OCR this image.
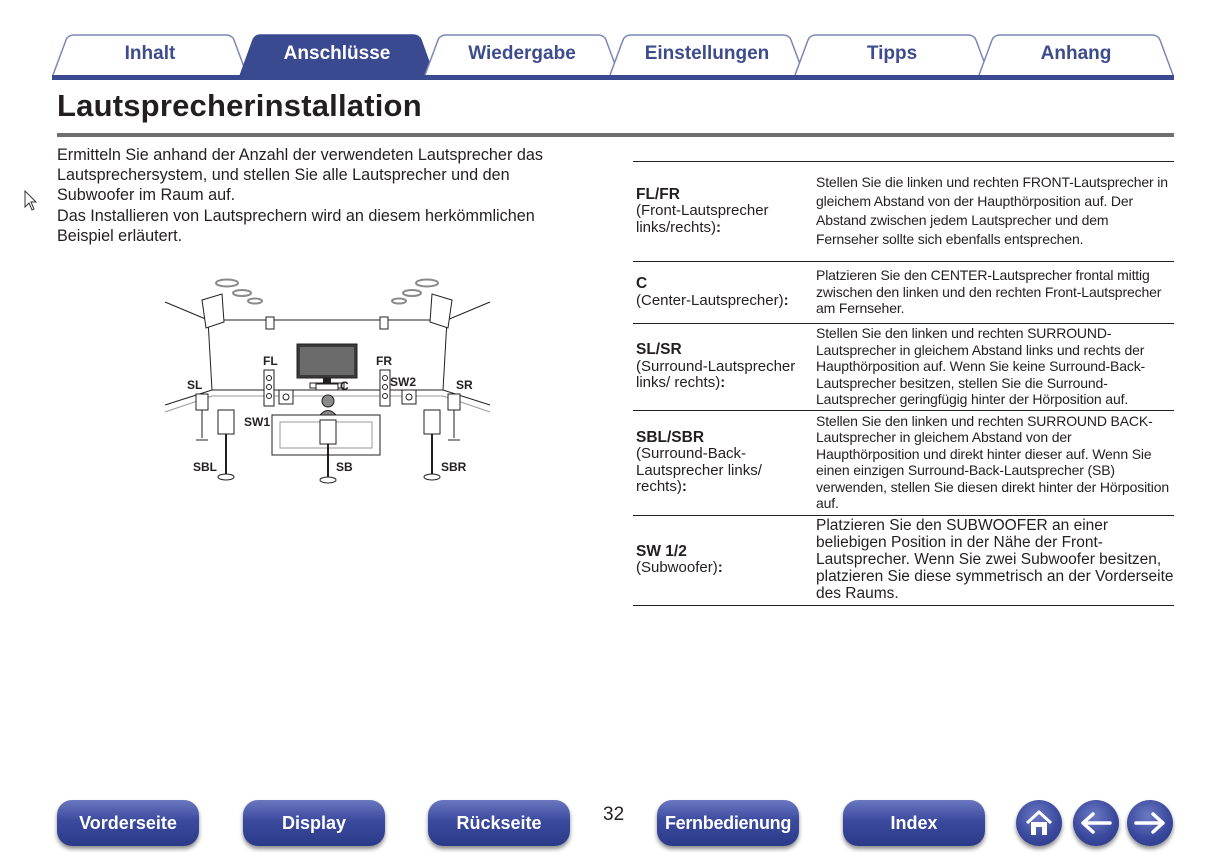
Inhalt	Anschlüsse	Wiedergabe	Einstellungen	Tipps	Anhang
Lautsprecherinstallation

Ermitteln Sie anhand der Anzahl der verwendeten Lautsprecher das Lautsprechersystem, und stellen Sie alle Lautsprecher und den Subwoofer im Raum auf.

Das Installieren von Lautsprechern wird an diesem herkömmlichen Beispiel erläutert.

FL	FR
SL	SR
SW1
SW2
C
SBL	SB	SBR
FL/FR
(Front-Lautsprecher links/rechts):	Stellen Sie die linken und rechten FRONT-Lautsprecher in gleichem Abstand von der Haupthörposition auf. Der Abstand zwischen jedem Lautsprecher und dem Fernseher sollte sich ebenfalls entsprechen.

C
(Center-Lautsprecher):	Platzieren Sie den CENTER-Lautsprecher frontal mittig zwischen den linken und den rechten Front-Lautsprecher am Fernseher.

SL/SR
(Surround-Lautsprecher links/ rechts):	Stellen Sie den linken und rechten SURROUND-Lautsprecher in gleichem Abstand links und rechts der Haupthörposition auf. Wenn Sie keine Surround-Back-Lautsprecher besitzen, stellen Sie die Surround-Lautsprecher geringfügig hinter der Hörposition auf.

SBL/SBR
(Surround-Back-Lautsprecher links/ rechts):	Stellen Sie den linken und rechten SURROUND BACK-Lautsprecher in gleichem Abstand von der Haupthörposition und direkt hinter dieser auf. Wenn Sie einen einzigen Surround-Back-Lautsprecher (SB) verwenden, stellen Sie diesen direkt hinter der Hörposition auf.

SW 1/2
(Subwoofer):	Platzieren Sie den SUBWOOFER an einer beliebigen Position in der Nähe der Front-Lautsprecher. Wenn Sie zwei Subwoofer besitzen, platzieren Sie diese symmetrisch an der Vorderseite des Raums.
Vorderseite	Display	Rückseite	32	Fernbedienung	Index
